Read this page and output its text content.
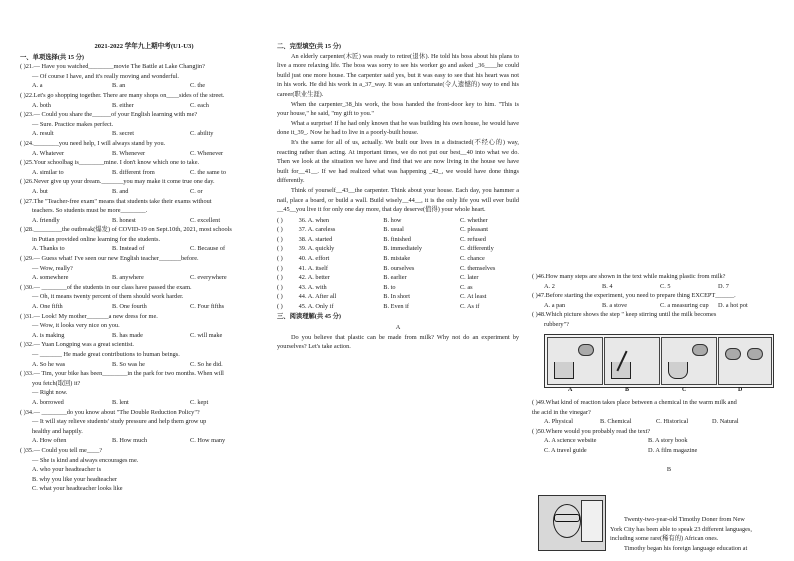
2021-2022 学年九上期中考(U1-U3)
一、单项选择(共 15 分)
( )21.— Have you watched________movie The Battle at Lake Changjin?
— Of course I have, and it's really moving and wonderful.
A. a	B. an	C. the
( )22.Let's go shopping together. There are many shops on____sides of the street.
A. both	B. either	C. each
( )23.— Could you share the______of your English learning with me?
— Sure. Practice makes perfect.
A. result	B. secret	C. ability
( )24.________you need help, I will always stand by you.
A. Whatever	B. Whenever	C. Whenever
( )25.Your schoolbag is________mine. I don't know which one to take.
A. similar to	B. different from	C. the same to
( )26.Never give up your dream._______you may make it come true one day.
A. but	B. and	C. or
( )27.The "Teacher-free exam" means that students take their exams without
teachers. So students must be more________.
A. friendly	B. honest	C. excellent
( )28._________the outbreak(爆发) of COVID-19 on Sept.10th, 2021, most schools
in Putian provided online learning for the students.
A. Thanks to	B. Instead of	C. Because of
( )29.— Guess what! I've seen our new English teacher_______before.
— Wow, really?
A. somewhere	B. anywhere	C. everywhere
( )30.— ________of the students in our class have passed the exam.
— Oh, it means twenty percent of them should work harder.
A. One fifth	B. One fourth	C. Four fifths
( )31.— Look! My mother_______a new dress for me.
— Wow, it looks very nice on you.
A. is making	B. has made	C. will make
( )32.— Yuan Longping was a great scientist.
— _______ He made great contributions to human beings.
A. So he was	B. So was he	C. So he did.
( )33.— Tim, your bike has been________in the park for two months. When will
you fetch(取回) it?
— Right now.
A. borrowed	B. lent	C. kept
( )34.— ________do you know about "The Double Reduction Policy"?
— It will stay relieve students' study pressure and help them grow up
healthy and happily.
A. How often	B. How much	C. How many
( )35.— Could you tell me____?
— She is kind and always encourages me.
A. who your headteacher is
B. why you like your headteacher
C. what your headteacher looks like
二、完型填空(共 15 分)
An elderly carpenter(木匠) was ready to retire(退休). He told his boss about his plans to live a more relaxing life. The boss was sorry to see his worker go and asked _36____he could build just one more house. The carpenter said yes, but it was easy to see that his heart was not in his work. He did his work in a_37_way. It was an unfortunate(令人遗憾的) way to end his career(职业生涯).
When the carpenter_38_his work, the boss handed the front-door key to him. "This is your house," he said, "my gift to you."
What a surprise! If he had only known that he was building his own house, he would have done it_39_. Now he had to live in a poorly-built house.
It's the same for all of us, actually. We built our lives in a distracted(不经心的) way, reacting rather than acting. At important times, we do not put our best__40 into what we do. Then we look at the situation we have and find that we are now living in the house we have built for__41__. If we had realized what was happening _42_, we would have done things differently.
Think of yourself__43__the carpenter. Think about your house. Each day, you hammer a nail, place a board, or build a wall. Build wisely__44__, it is the only life you will ever build __45__you live it for only one day more, that day deserve(值得) your whole heart.
( )	36. A. when	B. how	C. whether
( )	37. A. careless	B. usual	C. pleasant
( )	38. A. started	B. finished	C. refused
( )	39. A. quickly	B. immediately	C. differently
( )	40. A. effort	B. mistake	C. chance
( )	41. A. itself	B. ourselves	C. themselves
( )	42. A. better	B. earlier	C. later
( )	43. A. with	B. to	C. as
( )	44. A. After all	B. In short	C. At least
( )	45. A. Only if	B. Even if	C. As if
三、阅读理解(共 45 分)
A
Do you believe that plastic can be made from milk? Why not do an experiment by yourselves? Let's take action.
( )46.How many steps are shown in the text while making plastic from milk?
A. 2	B. 4	C. 5	D. 7
( )47.Before starting the experiment, you need to prepare thing EXCEPT______.
A. a pan	B. a stove	C. a measuring cup	D. a hot pot
( )48.Which picture shows the step " keep stirring until the milk becomes
rubbery"?
A	B	C	D
( )49.What kind of reaction takes place between a chemical in the warm milk and
the acid in the vinegar?
A. Physical	B. Chemical	C. Historical	D. Natural
( )50.Where would you probably read the text?
A. A science website	B. A story book
C. A travel guide	D. A film magazine
B
Twenty-two-year-old Timothy Doner from New
York City has been able to speak 23 different languages,
including some rare(稀有的) African ones.
Timothy began his foreign language education at
